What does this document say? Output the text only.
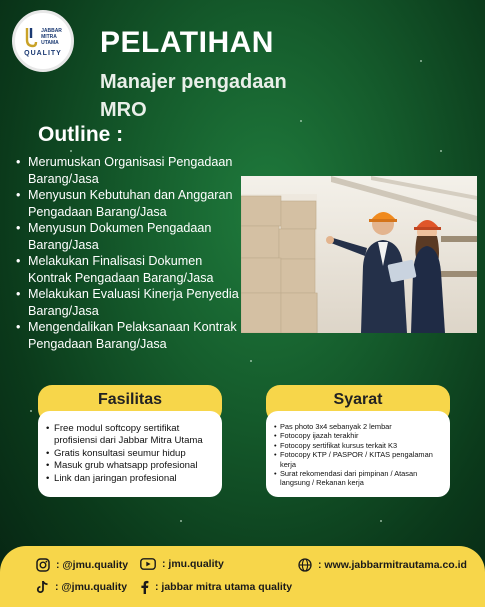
JABBAR
MITRA
UTAMA
QUALITY PELATIHAN
Manajer pengadaan
MRO
Outline :
• Merumuskan Organisasi Pengadaan Barang/Jasa
• Menyusun Kebutuhan dan Anggaran Pengadaan Barang/Jasa
• Menyusun Dokumen Pengadaan Barang/Jasa
• Melakukan Finalisasi Dokumen Kontrak Pengadaan Barang/Jasa
• Melakukan Evaluasi Kinerja Penyedia Barang/Jasa
• Mengendalikan Pelaksanaan Kontrak Pengadaan Barang/Jasa
Fasilitas
• Free modul softcopy sertifikat profisiensi dari Jabbar Mitra Utama
• Gratis konsultasi seumur hidup
• Masuk grub whatsapp profesional
• Link dan jaringan profesional
Syarat
• Pas photo 3x4 sebanyak 2 lembar
• Fotocopy ijazah terakhir
• Fotocopy sertifikat kursus terkait K3
• Fotocopy KTP / PASPOR / KITAS pengalaman kerja
• Surat rekomendasi dari pimpinan / Atasan langsung / Rekanan kerja
: @jmu.quality	: jmu.quality	: www.jabbarmitrautama.co.id
: @jmu.quality	: jabbar mitra utama quality
